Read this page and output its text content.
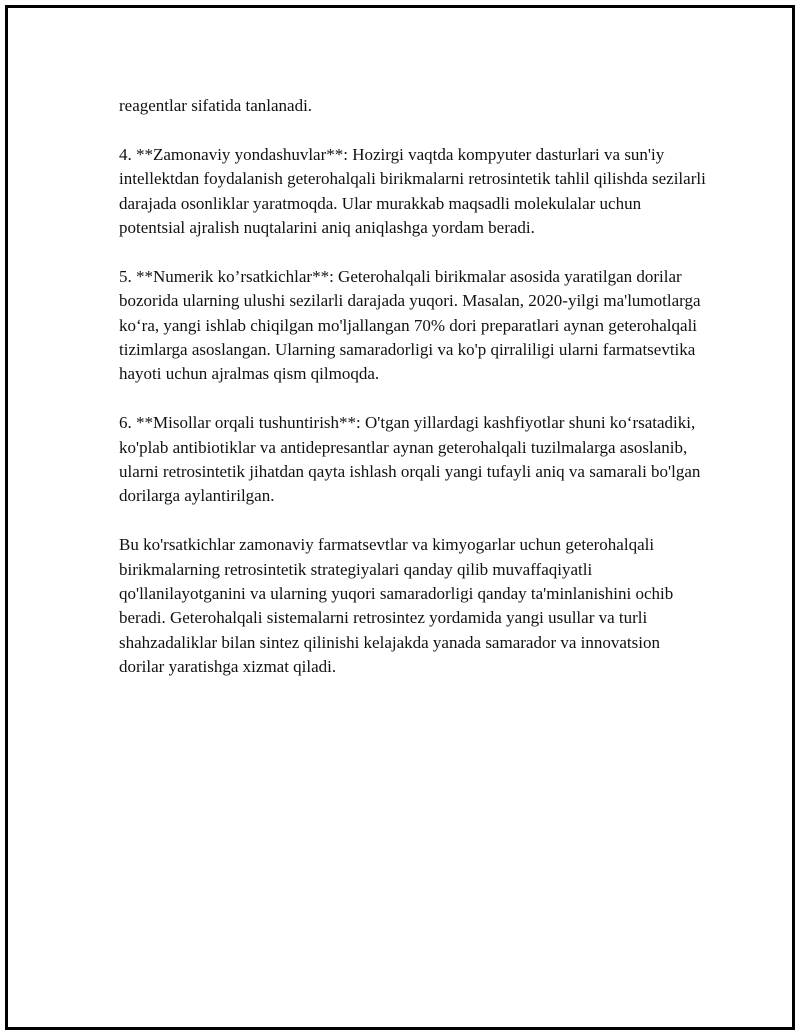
reagentlar sifatida tanlanadi.

4. **Zamonaviy yondashuvlar**: Hozirgi vaqtda kompyuter dasturlari va sun'iy intellektdan foydalanish geterohalqali birikmalarni retrosintetik tahlil qilishda sezilarli darajada osonliklar yaratmoqda. Ular murakkab maqsadli molekulalar uchun potentsial ajralish nuqtalarini aniq aniqlashga yordam beradi.

5. **Numerik ko’rsatkichlar**: Geterohalqali birikmalar asosida yaratilgan dorilar bozorida ularning ulushi sezilarli darajada yuqori. Masalan, 2020-yilgi ma'lumotlarga ko‘ra, yangi ishlab chiqilgan mo'ljallangan 70% dori preparatlari aynan geterohalqali tizimlarga asoslangan. Ularning samaradorligi va ko'p qirraliligi ularni farmatsevtika hayoti uchun ajralmas qism qilmoqda.

6. **Misollar orqali tushuntirish**: O'tgan yillardagi kashfiyotlar shuni ko‘rsatadiki, ko'plab antibiotiklar va antidepresantlar aynan geterohalqali tuzilmalarga asoslanib, ularni retrosintetik jihatdan qayta ishlash orqali yangi tufayli aniq va samarali bo'lgan dorilarga aylantirilgan.

Bu ko'rsatkichlar zamonaviy farmatsevtlar va kimyogarlar uchun geterohalqali birikmalarning retrosintetik strategiyalari qanday qilib muvaffaqiyatli qo'llanilayotganini va ularning yuqori samaradorligi qanday ta'minlanishini ochib beradi. Geterohalqali sistemalarni retrosintez yordamida yangi usullar va turli shahzadaliklar bilan sintez qilinishi kelajakda yanada samarador va innovatsion dorilar yaratishga xizmat qiladi.
